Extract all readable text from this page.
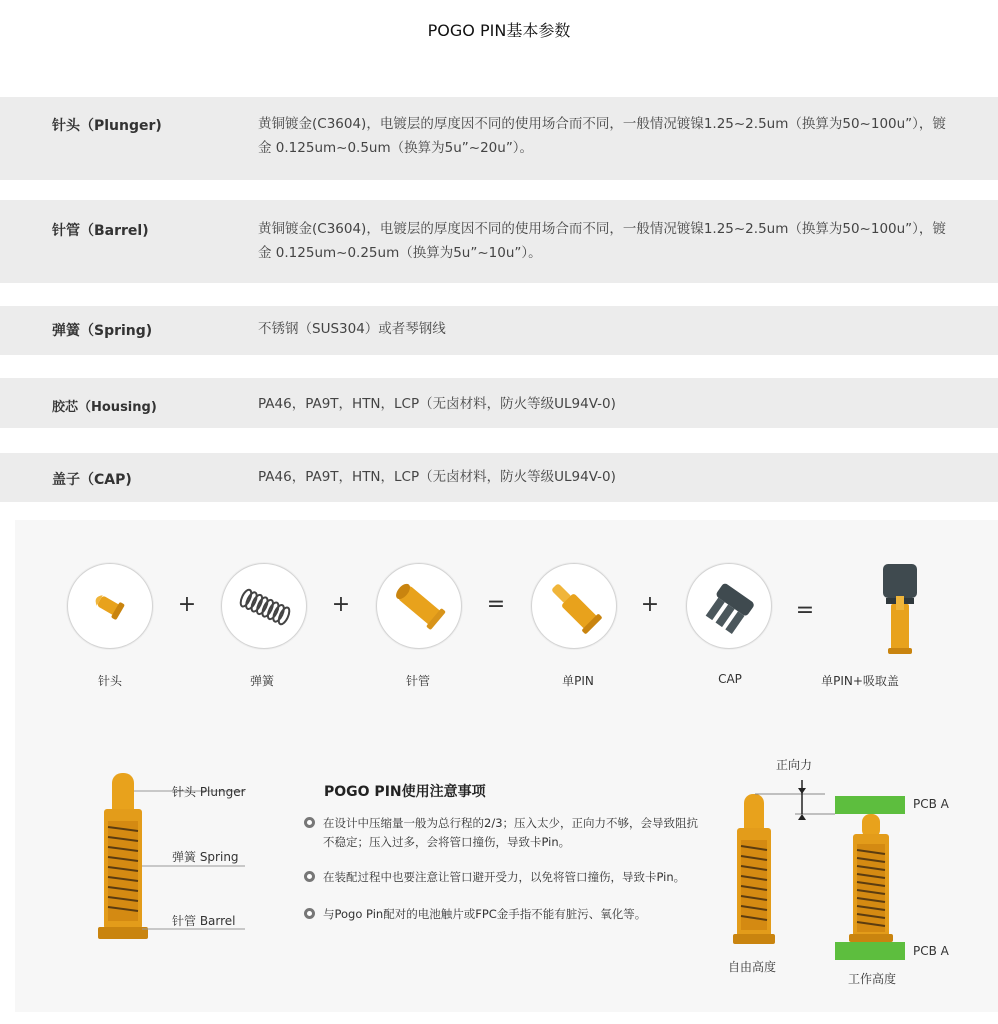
POGO PIN基本参数
针头（Plunger)	黄铜镀金(C3604)，电镀层的厚度因不同的使用场合而不同，一般情况镀镍1.25~2.5um（换算为50~100u”），镀金 0.125um~0.5um（换算为5u”~20u”）。
针管（Barrel)	黄铜镀金(C3604)，电镀层的厚度因不同的使用场合而不同，一般情况镀镍1.25~2.5um（换算为50~100u”），镀金 0.125um~0.25um（换算为5u”~10u”）。
弹簧（Spring)	不锈钢（SUS304）或者琴钢线
胶芯（Housing)	PA46，PA9T，HTN，LCP（无卤材料，防火等级UL94V-0)
盖子（CAP)	PA46，PA9T，HTN，LCP（无卤材料，防火等级UL94V-0)
+	+	=	+	=
针头	弹簧	针管	单PIN	CAP	单PIN+吸取盖
针头 Plunger
弹簧 Spring
针管 Barrel
POGO PIN使用注意事项
在设计中压缩量一般为总行程的2/3；压入太少，正向力不够，会导致阻抗不稳定；压入过多，会将管口撞伤，导致卡Pin。
在装配过程中也要注意让管口避开受力，以免将管口撞伤，导致卡Pin。
与Pogo Pin配对的电池触片或FPC金手指不能有脏污、氧化等。
正向力
PCB A
PCB A
自由高度
工作高度
